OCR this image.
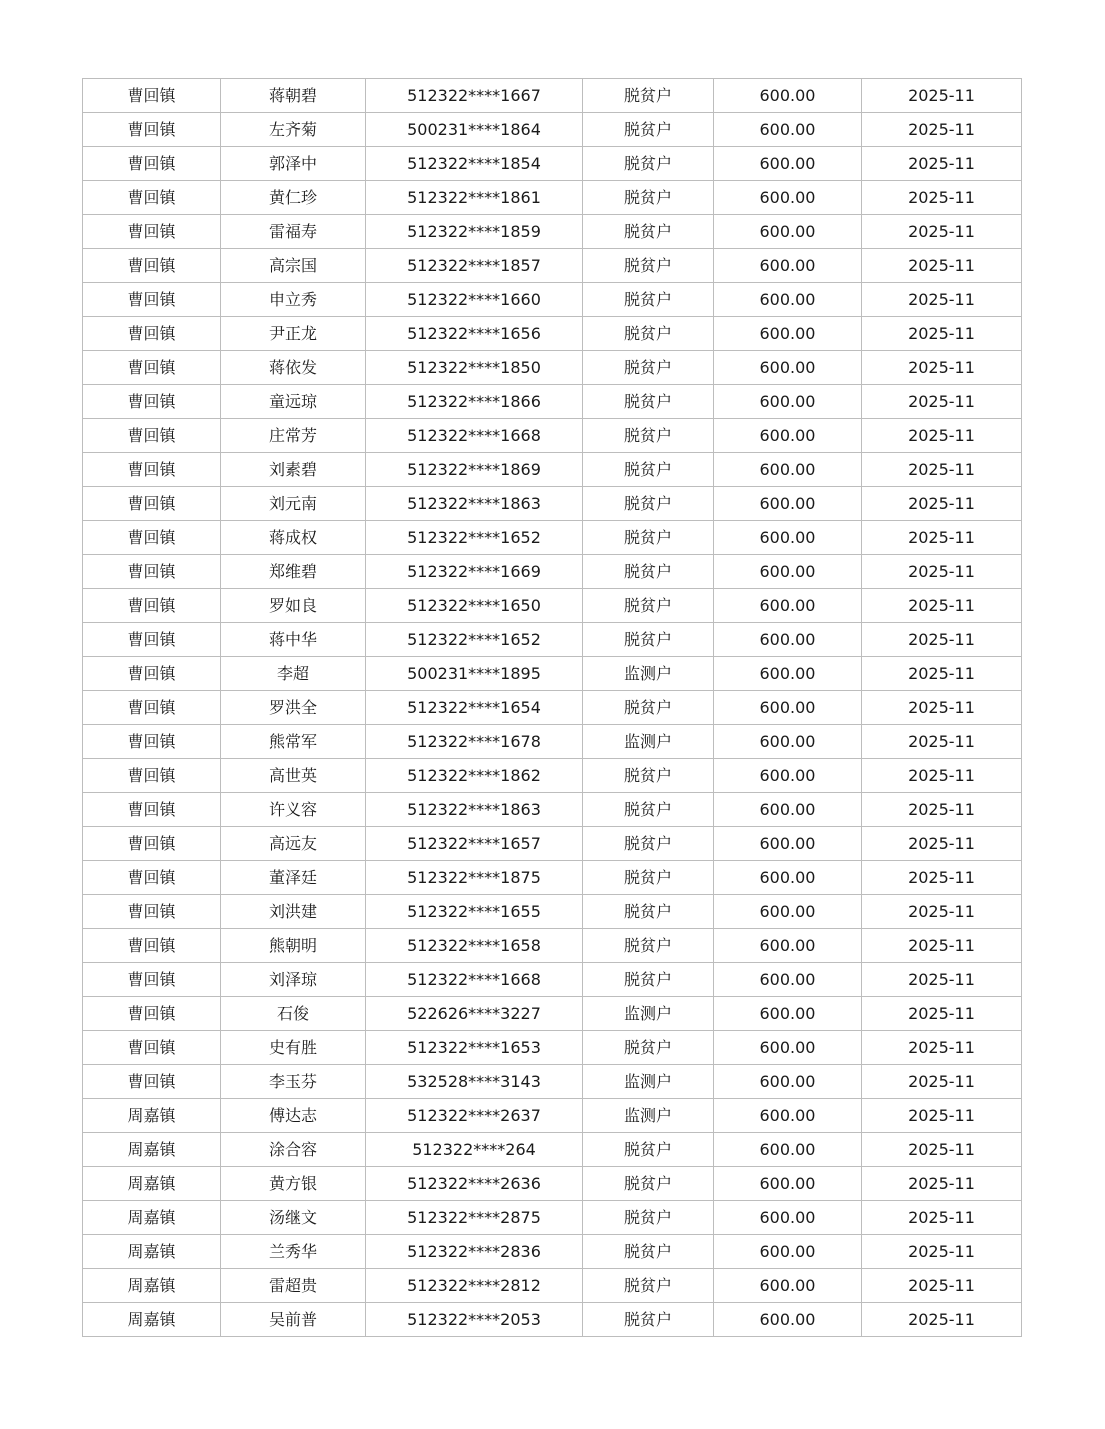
曹回镇	蒋朝碧	512322****1667	脱贫户	600.00	2025-11
曹回镇	左齐菊	500231****1864	脱贫户	600.00	2025-11
曹回镇	郭泽中	512322****1854	脱贫户	600.00	2025-11
曹回镇	黄仁珍	512322****1861	脱贫户	600.00	2025-11
曹回镇	雷福寿	512322****1859	脱贫户	600.00	2025-11
曹回镇	高宗国	512322****1857	脱贫户	600.00	2025-11
曹回镇	申立秀	512322****1660	脱贫户	600.00	2025-11
曹回镇	尹正龙	512322****1656	脱贫户	600.00	2025-11
曹回镇	蒋依发	512322****1850	脱贫户	600.00	2025-11
曹回镇	童远琼	512322****1866	脱贫户	600.00	2025-11
曹回镇	庄常芳	512322****1668	脱贫户	600.00	2025-11
曹回镇	刘素碧	512322****1869	脱贫户	600.00	2025-11
曹回镇	刘元南	512322****1863	脱贫户	600.00	2025-11
曹回镇	蒋成权	512322****1652	脱贫户	600.00	2025-11
曹回镇	郑维碧	512322****1669	脱贫户	600.00	2025-11
曹回镇	罗如良	512322****1650	脱贫户	600.00	2025-11
曹回镇	蒋中华	512322****1652	脱贫户	600.00	2025-11
曹回镇	李超	500231****1895	监测户	600.00	2025-11
曹回镇	罗洪全	512322****1654	脱贫户	600.00	2025-11
曹回镇	熊常军	512322****1678	监测户	600.00	2025-11
曹回镇	高世英	512322****1862	脱贫户	600.00	2025-11
曹回镇	许义容	512322****1863	脱贫户	600.00	2025-11
曹回镇	高远友	512322****1657	脱贫户	600.00	2025-11
曹回镇	董泽廷	512322****1875	脱贫户	600.00	2025-11
曹回镇	刘洪建	512322****1655	脱贫户	600.00	2025-11
曹回镇	熊朝明	512322****1658	脱贫户	600.00	2025-11
曹回镇	刘泽琼	512322****1668	脱贫户	600.00	2025-11
曹回镇	石俊	522626****3227	监测户	600.00	2025-11
曹回镇	史有胜	512322****1653	脱贫户	600.00	2025-11
曹回镇	李玉芬	532528****3143	监测户	600.00	2025-11
周嘉镇	傅达志	512322****2637	监测户	600.00	2025-11
周嘉镇	涂合容	512322****264	脱贫户	600.00	2025-11
周嘉镇	黄方银	512322****2636	脱贫户	600.00	2025-11
周嘉镇	汤继文	512322****2875	脱贫户	600.00	2025-11
周嘉镇	兰秀华	512322****2836	脱贫户	600.00	2025-11
周嘉镇	雷超贵	512322****2812	脱贫户	600.00	2025-11
周嘉镇	吴前普	512322****2053	脱贫户	600.00	2025-11
